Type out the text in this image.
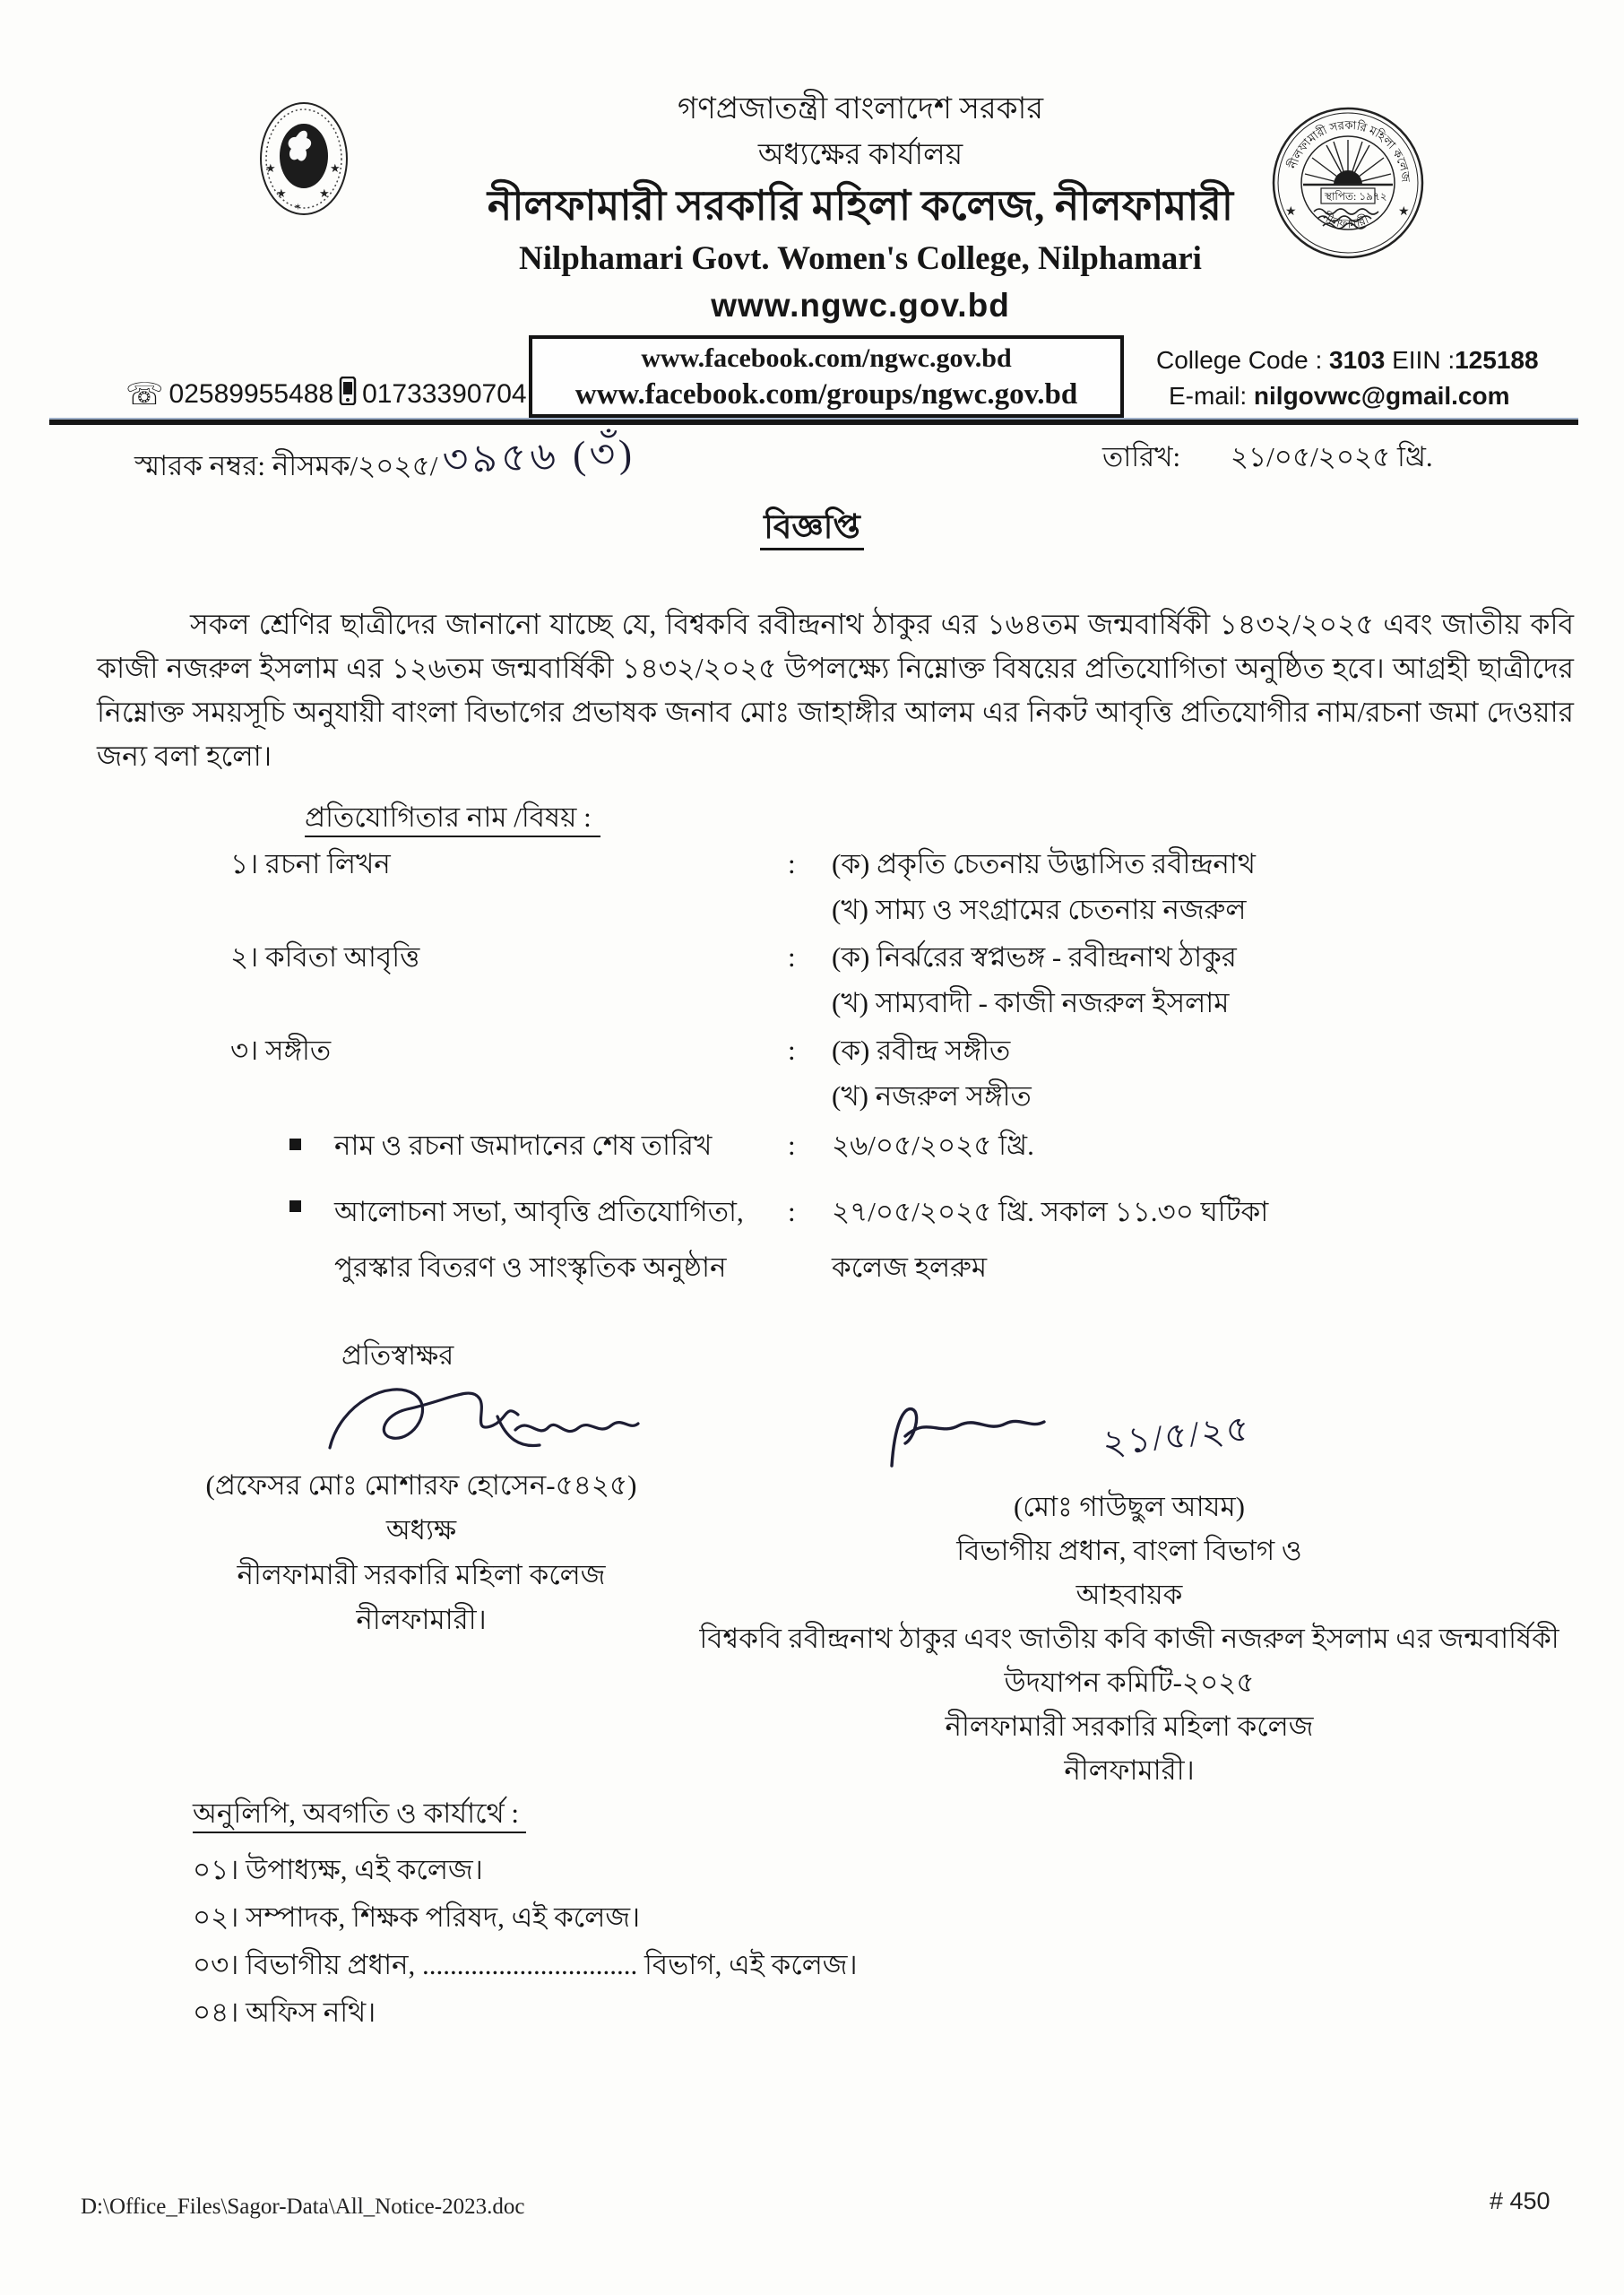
★	★
★	★
✶
নীলফামারী সরকারি মহিলা কলেজ
নীলফামারী
★	★
স্থাপিত: ১৯৭২
গণপ্রজাতন্ত্রী বাংলাদেশ সরকার
অধ্যক্ষের কার্যালয়
নীলফামারী সরকারি মহিলা কলেজ, নীলফামারী
Nilphamari Govt. Women's College, Nilphamari
www.ngwc.gov.bd
www.facebook.com/ngwc.gov.bd
www.facebook.com/groups/ngwc.gov.bd
☏ 02589955488 01733390704
College Code : 3103 EIIN :125188
E-mail: nilgovwc@gmail.com
স্মারক নম্বর: নীসমক/২০২৫/ ৩৯৫৬ (৩ঁ)	তারিখ: ২১/০৫/২০২৫ খ্রি.
বিজ্ঞপ্তি
সকল শ্রেণির ছাত্রীদের জানানো যাচ্ছে যে, বিশ্বকবি রবীন্দ্রনাথ ঠাকুর এর ১৬৪তম জন্মবার্ষিকী ১৪৩২/২০২৫ এবং জাতীয় কবি কাজী নজরুল ইসলাম এর ১২৬তম জন্মবার্ষিকী ১৪৩২/২০২৫ উপলক্ষ্যে নিম্নোক্ত বিষয়ের প্রতিযোগিতা অনুষ্ঠিত হবে। আগ্রহী ছাত্রীদের নিম্নোক্ত সময়সূচি অনুযায়ী বাংলা বিভাগের প্রভাষক জনাব মোঃ জাহাঙ্গীর আলম এর নিকট আবৃত্তি প্রতিযোগীর নাম/রচনা জমা দেওয়ার জন্য বলা হলো।
প্রতিযোগিতার নাম /বিষয় :
১। রচনা লিখন	:	(ক) প্রকৃতি চেতনায় উদ্ভাসিত রবীন্দ্রনাথ
(খ) সাম্য ও সংগ্রামের চেতনায় নজরুল
২। কবিতা আবৃত্তি	:	(ক) নির্ঝরের স্বপ্নভঙ্গ - রবীন্দ্রনাথ ঠাকুর
(খ) সাম্যবাদী - কাজী নজরুল ইসলাম
৩। সঙ্গীত	:	(ক) রবীন্দ্র সঙ্গীত
(খ) নজরুল সঙ্গীত
নাম ও রচনা জমাদানের শেষ তারিখ	:	২৬/০৫/২০২৫ খ্রি.
আলোচনা সভা, আবৃত্তি প্রতিযোগিতা,
পুরস্কার বিতরণ ও সাংস্কৃতিক অনুষ্ঠান
:	২৭/০৫/২০২৫ খ্রি. সকাল ১১.৩০ ঘটিকা
কলেজ হলরুম
প্রতিস্বাক্ষর
(প্রফেসর মোঃ মোশারফ হোসেন-৫৪২৫)
অধ্যক্ষ
নীলফামারী সরকারি মহিলা কলেজ
নীলফামারী।
২১/৫/২৫
(মোঃ গাউছুল আযম)
বিভাগীয় প্রধান, বাংলা বিভাগ ও
আহবায়ক
বিশ্বকবি রবীন্দ্রনাথ ঠাকুর এবং জাতীয় কবি কাজী নজরুল ইসলাম এর জন্মবার্ষিকী
উদযাপন কমিটি-২০২৫
নীলফামারী সরকারি মহিলা কলেজ
নীলফামারী।
অনুলিপি, অবগতি ও কার্যার্থে :
০১। উপাধ্যক্ষ, এই কলেজ।
০২। সম্পাদক, শিক্ষক পরিষদ, এই কলেজ।
০৩। বিভাগীয় প্রধান, ............................... বিভাগ, এই কলেজ।
০৪। অফিস নথি।
D:\Office_Files\Sagor-Data\All_Notice-2023.doc	# 450
